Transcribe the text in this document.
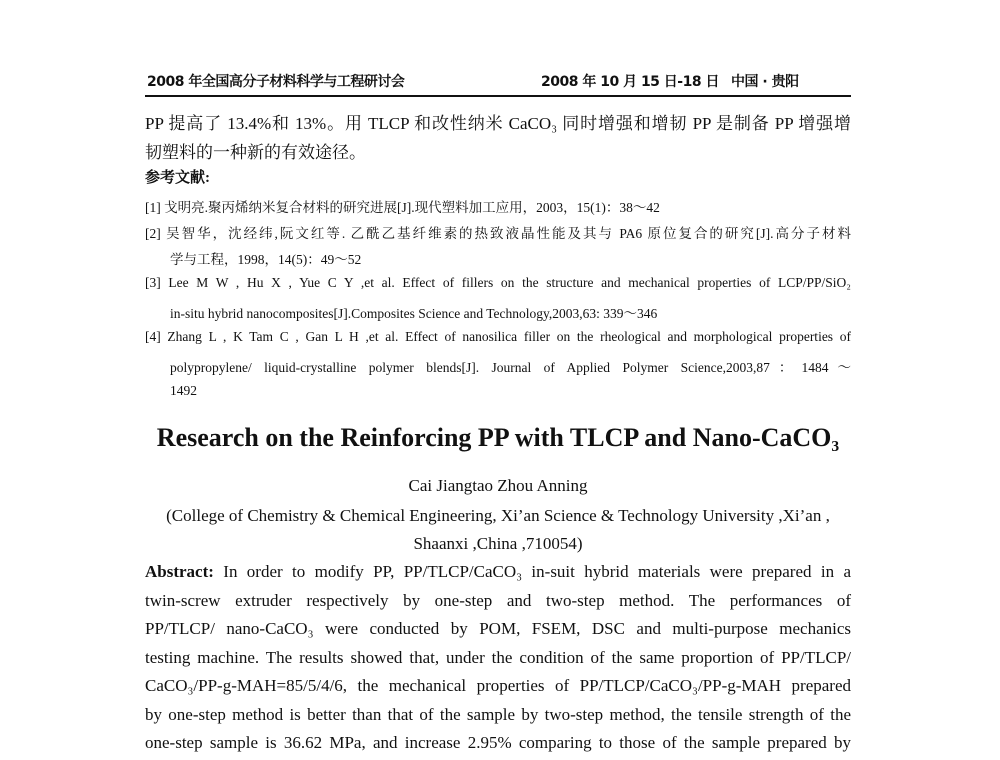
2008 年全国高分子材料科学与工程研讨会	2008 年 10 月 15 日-18 日 中国 · 贵阳
PP 提高了 13.4%和 13%。用 TLCP 和改性纳米 CaCO₃ 同时增强和增韧 PP 是制备 PP 增强增
韧塑料的一种新的有效途径。
参考文献:
[1] 戈明亮.聚丙烯纳米复合材料的研究进展[J].现代塑料加工应用，2003，15(1)：38～42
[2] 吴智华，沈经纬,阮文红等. 乙酰乙基纤维素的热致液晶性能及其与 PA6 原位复合的研究[J].高分子材料
学与工程，1998，14(5)：49～52
[3] Lee M W , Hu X , Yue C Y ,et al. Effect of fillers on the structure and mechanical properties of LCP/PP/SiO₂
in-situ hybrid nanocomposites[J].Composites Science and Technology,2003,63: 339～346
[4] Zhang L , K Tam C , Gan L H ,et al. Effect of nanosilica filler on the rheological and morphological properties of
polypropylene/ liquid-crystalline polymer blends[J]. Journal of Applied Polymer Science,2003,87：1484～
1492
Research on the Reinforcing PP with TLCP and Nano-CaCO₃
Cai Jiangtao Zhou Anning
(College of Chemistry & Chemical Engineering, Xi’an Science & Technology University ,Xi’an ,
Shaanxi ,China ,710054)
Abstract: In order to modify PP, PP/TLCP/CaCO₃ in-suit hybrid materials were prepared in a
twin-screw extruder respectively by one-step and two-step method. The performances of
PP/TLCP/ nano-CaCO₃ were conducted by POM, FSEM, DSC and multi-purpose mechanics
testing machine. The results showed that, under the condition of the same proportion of PP/TLCP/
CaCO₃/PP-g-MAH=85/5/4/6, the mechanical properties of PP/TLCP/CaCO₃/PP-g-MAH prepared
by one-step method is better than that of the sample by two-step method, the tensile strength of the
one-step sample is 36.62 MPa, and increase 2.95% comparing to those of the sample prepared by
